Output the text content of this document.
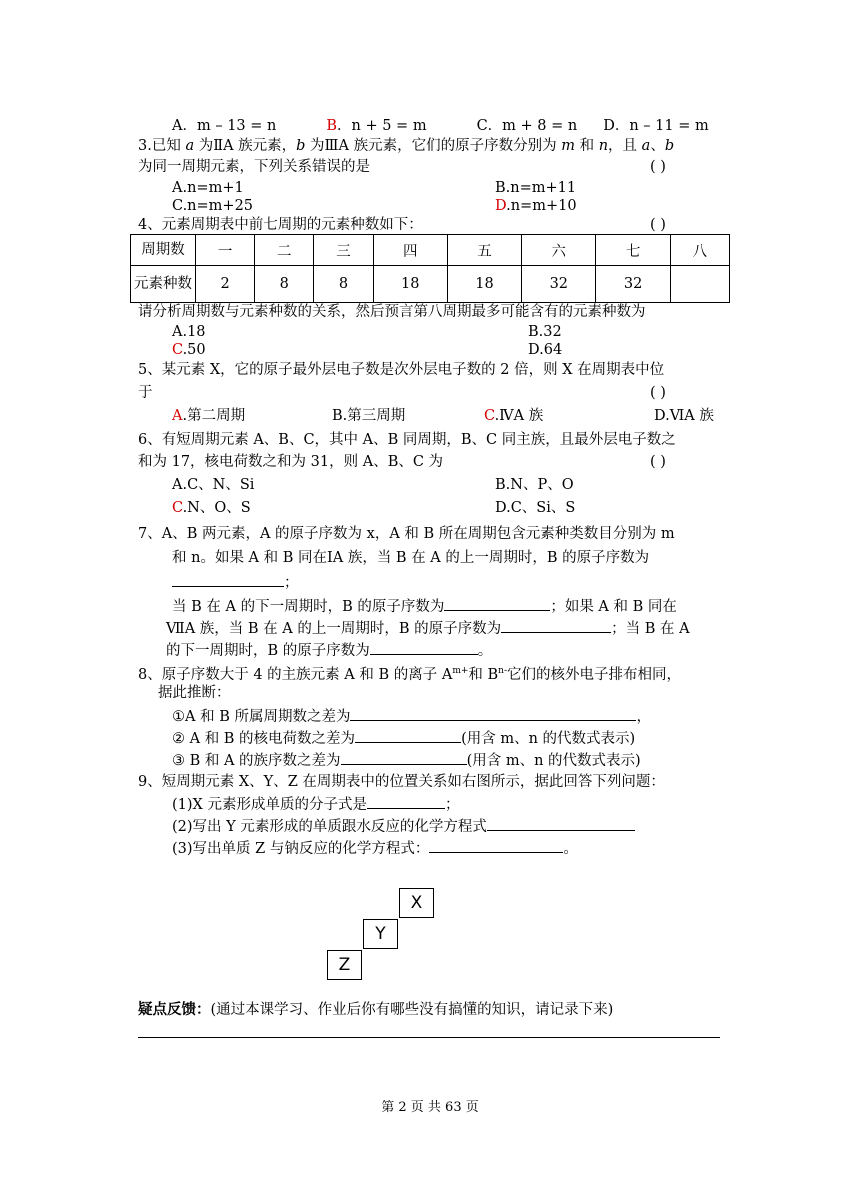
A．m – 13 = n	B．n + 5 = m	C．m + 8 = n D．n – 11 = m
3.已知 a 为ⅡA 族元素，b 为ⅢA 族元素，它们的原子序数分别为 m 和 n，且 a、b
为同一周期元素，下列关系错误的是	( )
A.n=m+1	B.n=m+11
C.n=m+25	D.n=m+10
4、元素周期表中前七周期的元素种数如下：	( )
周期数	一	二	三	四	五	六	七	八
元素种数	2	8	8	18	18	32	32	
请分析周期数与元素种数的关系，然后预言第八周期最多可能含有的元素种数为
A.18	B.32
C.50	D.64
5、某元素 X，它的原子最外层电子数是次外层电子数的 2 倍，则 X 在周期表中位
于	( )
A.第二周期	B.第三周期	C.ⅣA 族	D.ⅥA 族
6、有短周期元素 A、B、C，其中 A、B 同周期，B、C 同主族，且最外层电子数之
和为 17，核电荷数之和为 31，则 A、B、C 为	( )
A.C、N、Si	B.N、P、O
C.N、O、S	D.C、Si、S
7、A、B 两元素，A 的原子序数为 x，A 和 B 所在周期包含元素种类数目分别为 m
和 n。如果 A 和 B 同在ⅠA 族，当 B 在 A 的上一周期时，B 的原子序数为
；
当 B 在 A 的下一周期时，B 的原子序数为	；如果 A 和 B 同在
ⅦA 族，当 B 在 A 的上一周期时，B 的原子序数为	；当 B 在 A
的下一周期时，B 的原子序数为	。
8、原子序数大于 4 的主族元素 A 和 B 的离子 $A^{m+}$和 $B^{n-}$它们的核外电子排布相同，
据此推断：
①A 和 B 所属周期数之差为	，
② A 和 B 的核电荷数之差为	(用含 m、n 的代数式表示)
③ B 和 A 的族序数之差为	(用含 m、n 的代数式表示)
9、短周期元素 X、Y、Z 在周期表中的位置关系如右图所示，据此回答下列问题：
(1)X 元素形成单质的分子式是	；
(2)写出 Y 元素形成的单质跟水反应的化学方程式
(3)写出单质 Z 与钠反应的化学方程式：	。
X
Y
Z
疑点反馈：(通过本课学习、作业后你有哪些没有搞懂的知识，请记录下来)
第 2 页 共 63 页
